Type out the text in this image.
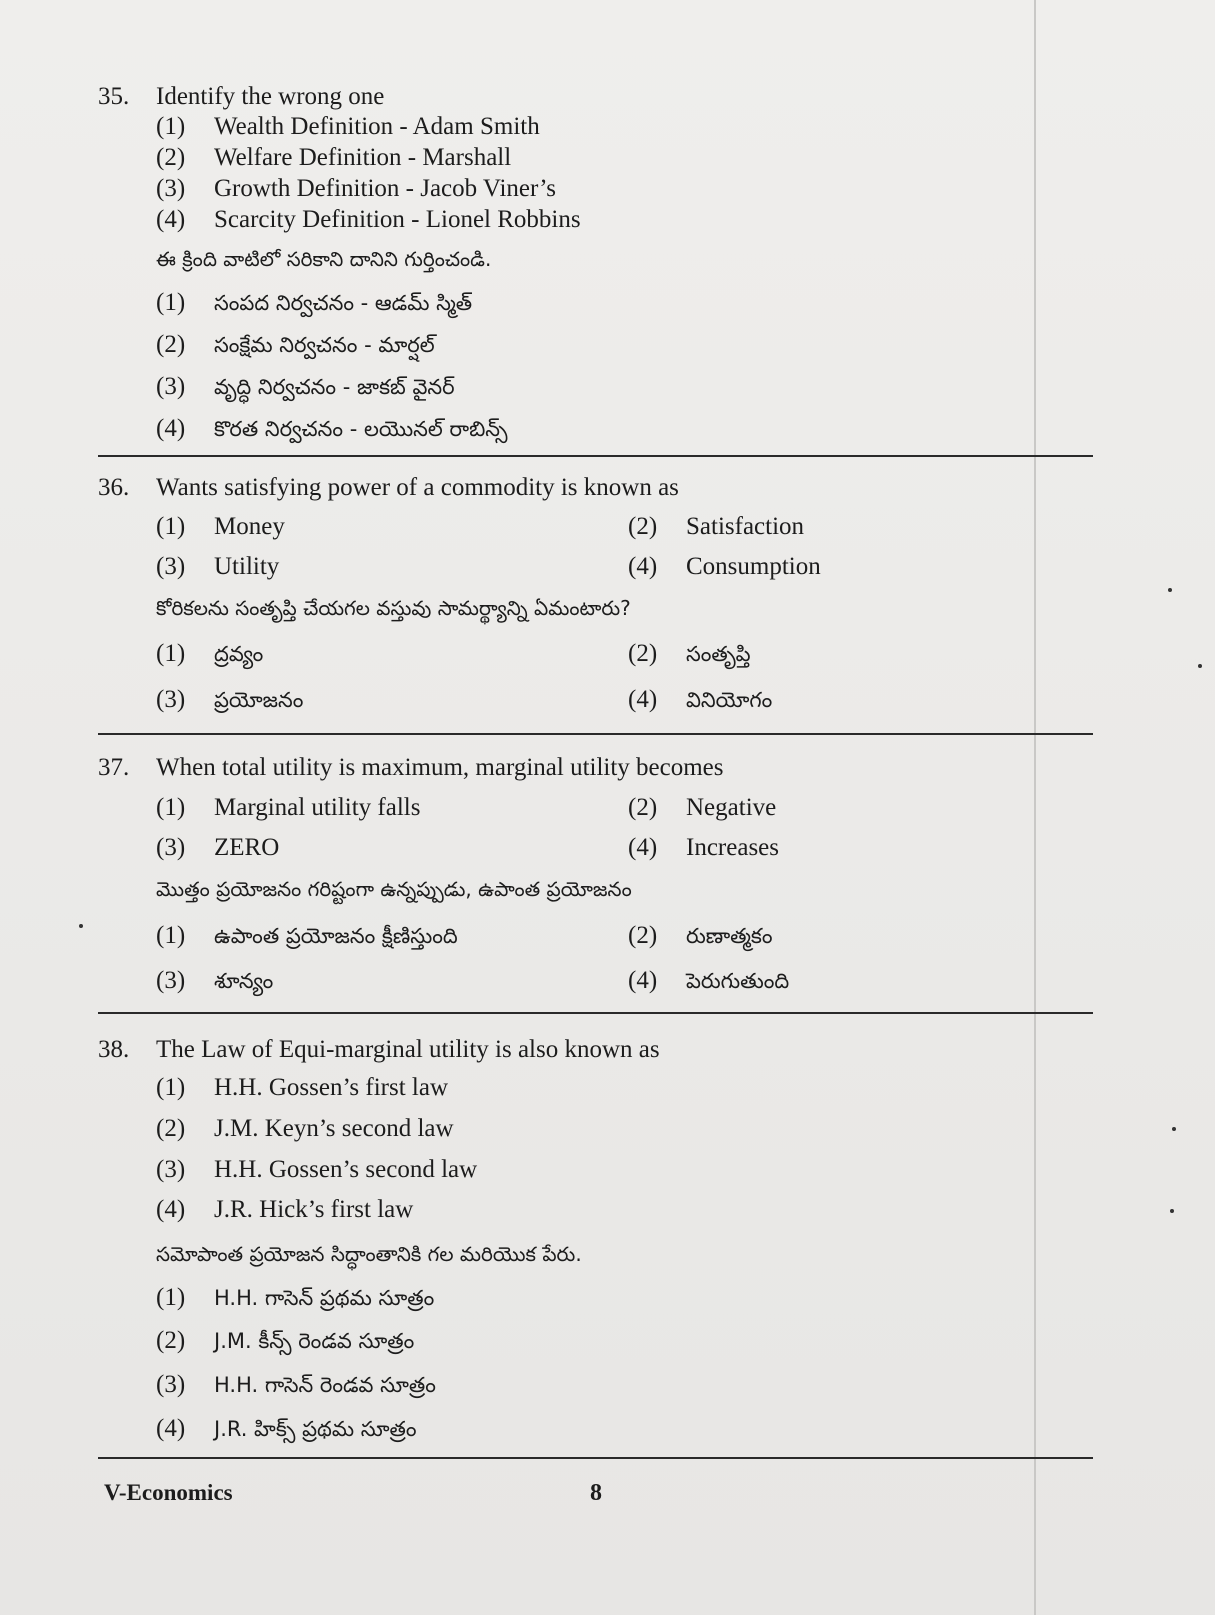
35. Identify the wrong one
(1) Wealth Definition - Adam Smith
(2) Welfare Definition - Marshall
(3) Growth Definition - Jacob Viner’s
(4) Scarcity Definition - Lionel Robbins
ఈ క్రింది వాటిలో సరికాని దానిని గుర్తించండి.
(1) సంపద నిర్వచనం - ఆడమ్ స్మిత్
(2) సంక్షేమ నిర్వచనం - మార్షల్
(3) వృద్ధి నిర్వచనం - జాకబ్ వైనర్
(4) కొరత నిర్వచనం - లయొనల్ రాబిన్స్
36. Wants satisfying power of a commodity is known as
(1) Money	(2) Satisfaction
(3) Utility	(4) Consumption
కోరికలను సంతృప్తి చేయగల వస్తువు సామర్థ్యాన్ని ఏమంటారు?
(1) ద్రవ్యం	(2) సంతృప్తి
(3) ప్రయోజనం	(4) వినియోగం
37. When total utility is maximum, marginal utility becomes
(1) Marginal utility falls	(2) Negative
(3) ZERO	(4) Increases
మొత్తం ప్రయోజనం గరిష్టంగా ఉన్నప్పుడు, ఉపాంత ప్రయోజనం
(1) ఉపాంత ప్రయోజనం క్షీణిస్తుంది	(2) రుణాత్మకం
(3) శూన్యం	(4) పెరుగుతుంది
38. The Law of Equi-marginal utility is also known as
(1) H.H. Gossen’s first law
(2) J.M. Keyn’s second law
(3) H.H. Gossen’s second law
(4) J.R. Hick’s first law
సమోపాంత ప్రయోజన సిద్ధాంతానికి గల మరియొక పేరు.
(1) H.H. గాసెన్ ప్రథమ సూత్రం
(2) J.M. కీన్స్ రెండవ సూత్రం
(3) H.H. గాసెన్ రెండవ సూత్రం
(4) J.R. హిక్స్ ప్రథమ సూత్రం
V-Economics	8
